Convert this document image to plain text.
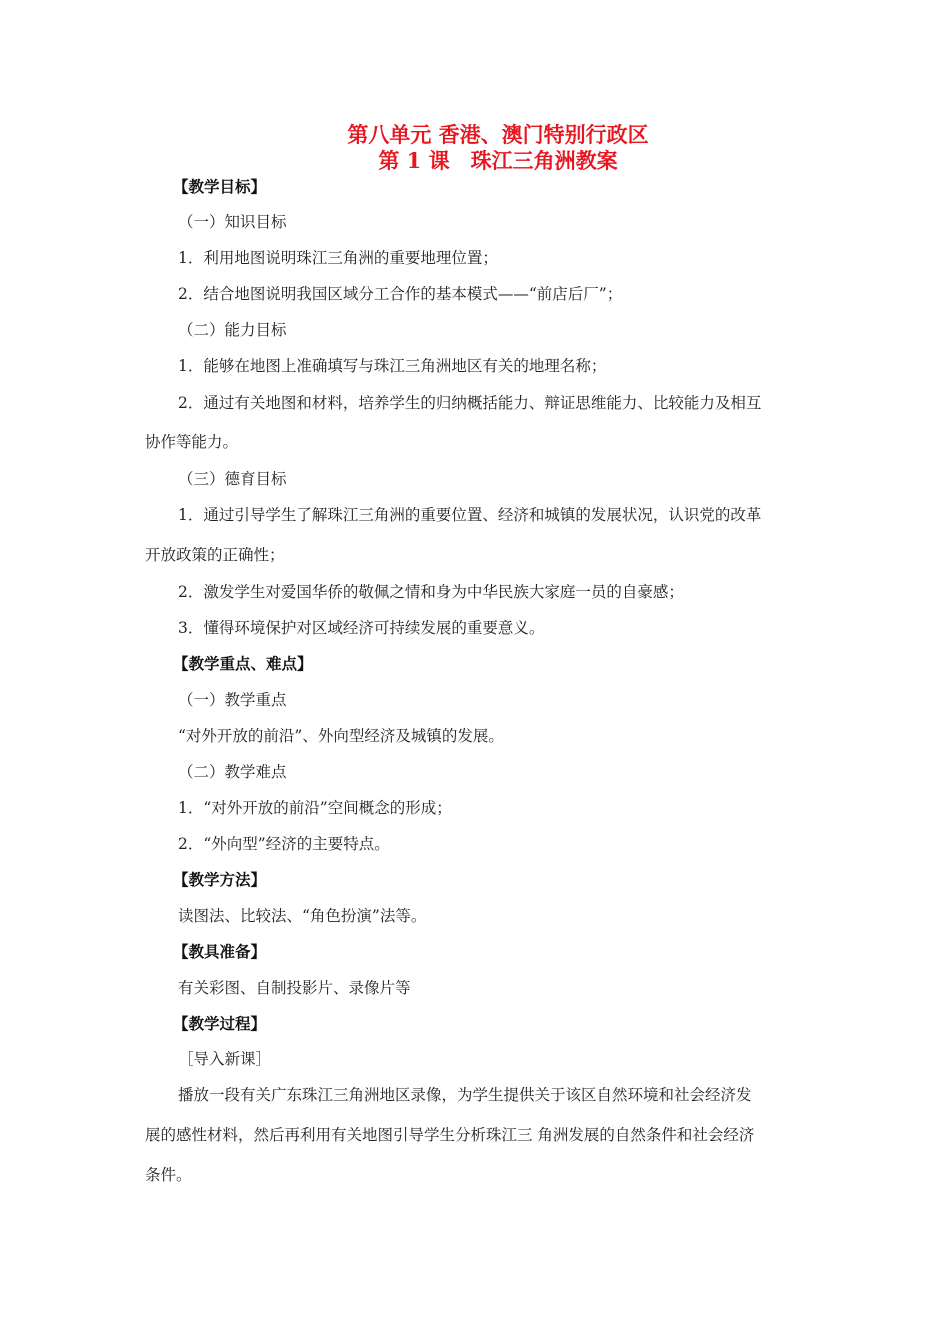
第八单元 香港、澳门特别行政区
第 1 课　珠江三角洲教案
【教学目标】
（一）知识目标
1．利用地图说明珠江三角洲的重要地理位置；
2．结合地图说明我国区域分工合作的基本模式——“前店后厂”；
（二）能力目标
1．能够在地图上准确填写与珠江三角洲地区有关的地理名称；
2．通过有关地图和材料，培养学生的归纳概括能力、辩证思维能力、比较能力及相互
协作等能力。
（三）德育目标
1．通过引导学生了解珠江三角洲的重要位置、经济和城镇的发展状况，认识党的改革
开放政策的正确性；
2．激发学生对爱国华侨的敬佩之情和身为中华民族大家庭一员的自豪感；
3．懂得环境保护对区域经济可持续发展的重要意义。
【教学重点、难点】
（一）教学重点
“对外开放的前沿”、外向型经济及城镇的发展。
（二）教学难点
1．“对外开放的前沿”空间概念的形成；
2．“外向型”经济的主要特点。
【教学方法】
读图法、比较法、“角色扮演”法等。
【教具准备】
有关彩图、自制投影片、录像片等
【教学过程】
［导入新课］
播放一段有关广东珠江三角洲地区录像，为学生提供关于该区自然环境和社会经济发
展的感性材料，然后再利用有关地图引导学生分析珠江三 角洲发展的自然条件和社会经济
条件。
